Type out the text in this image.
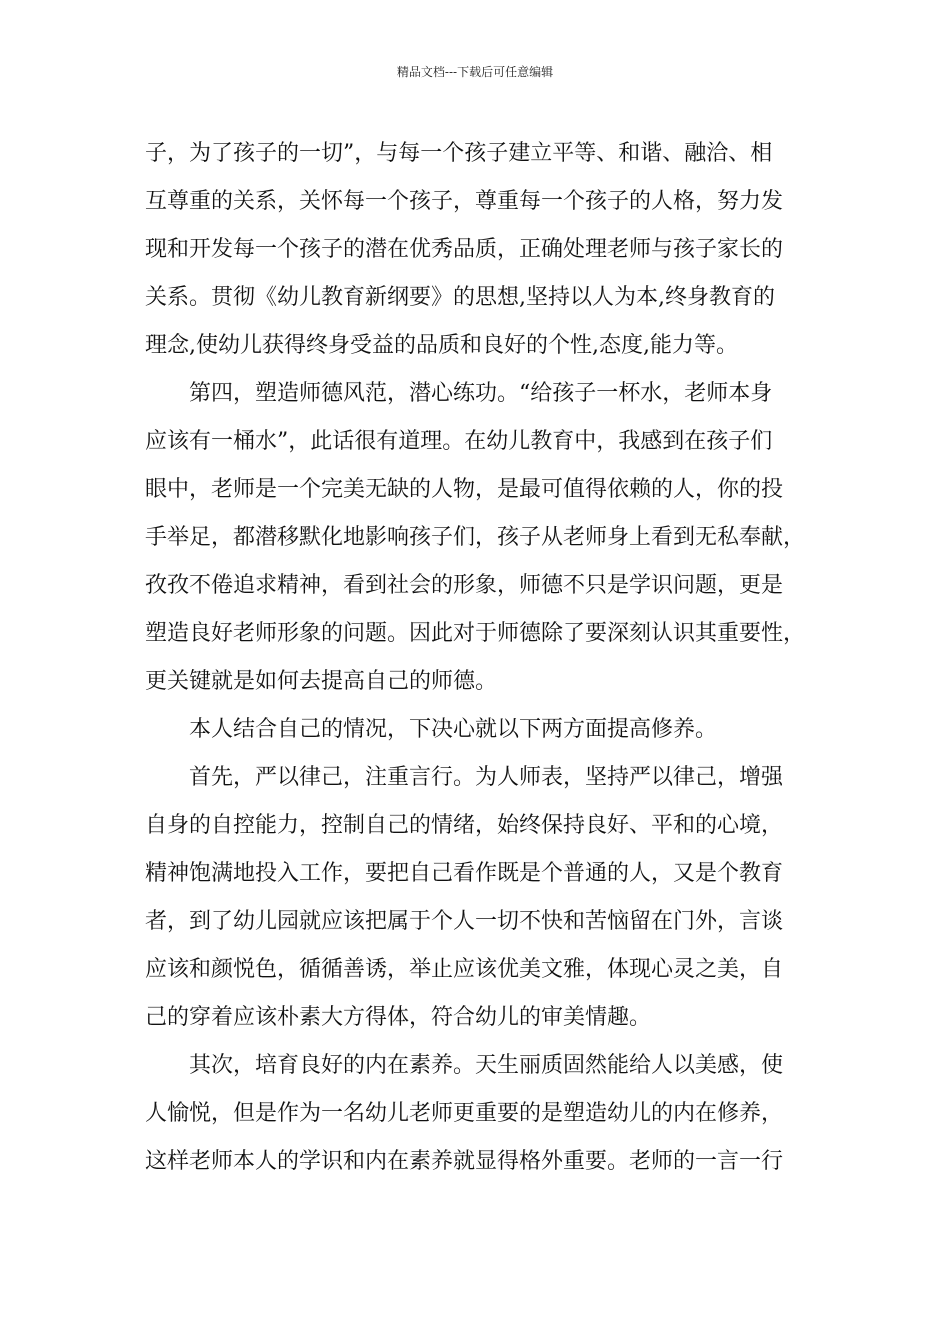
精品文档---下载后可任意编辑
子，为了孩子的一切”，与每一个孩子建立平等、和谐、融洽、相
互尊重的关系，关怀每一个孩子，尊重每一个孩子的人格，努力发
现和开发每一个孩子的潜在优秀品质，正确处理老师与孩子家长的
关系。贯彻《幼儿教育新纲要》的思想,坚持以人为本,终身教育的
理念,使幼儿获得终身受益的品质和良好的个性,态度,能力等。
第四，塑造师德风范，潜心练功。“给孩子一杯水，老师本身
应该有一桶水”，此话很有道理。在幼儿教育中，我感到在孩子们
眼中，老师是一个完美无缺的人物，是最可值得依赖的人，你的投
手举足，都潜移默化地影响孩子们，孩子从老师身上看到无私奉献，
孜孜不倦追求精神，看到社会的形象，师德不只是学识问题，更是
塑造良好老师形象的问题。因此对于师德除了要深刻认识其重要性，
更关键就是如何去提高自己的师德。
本人结合自己的情况，下决心就以下两方面提高修养。
首先，严以律己，注重言行。为人师表，坚持严以律己，增强
自身的自控能力，控制自己的情绪，始终保持良好、平和的心境，
精神饱满地投入工作，要把自己看作既是个普通的人，又是个教育
者，到了幼儿园就应该把属于个人一切不快和苦恼留在门外，言谈
应该和颜悦色，循循善诱，举止应该优美文雅，体现心灵之美，自
己的穿着应该朴素大方得体，符合幼儿的审美情趣。
其次，培育良好的内在素养。天生丽质固然能给人以美感，使
人愉悦，但是作为一名幼儿老师更重要的是塑造幼儿的内在修养，
这样老师本人的学识和内在素养就显得格外重要。老师的一言一行
